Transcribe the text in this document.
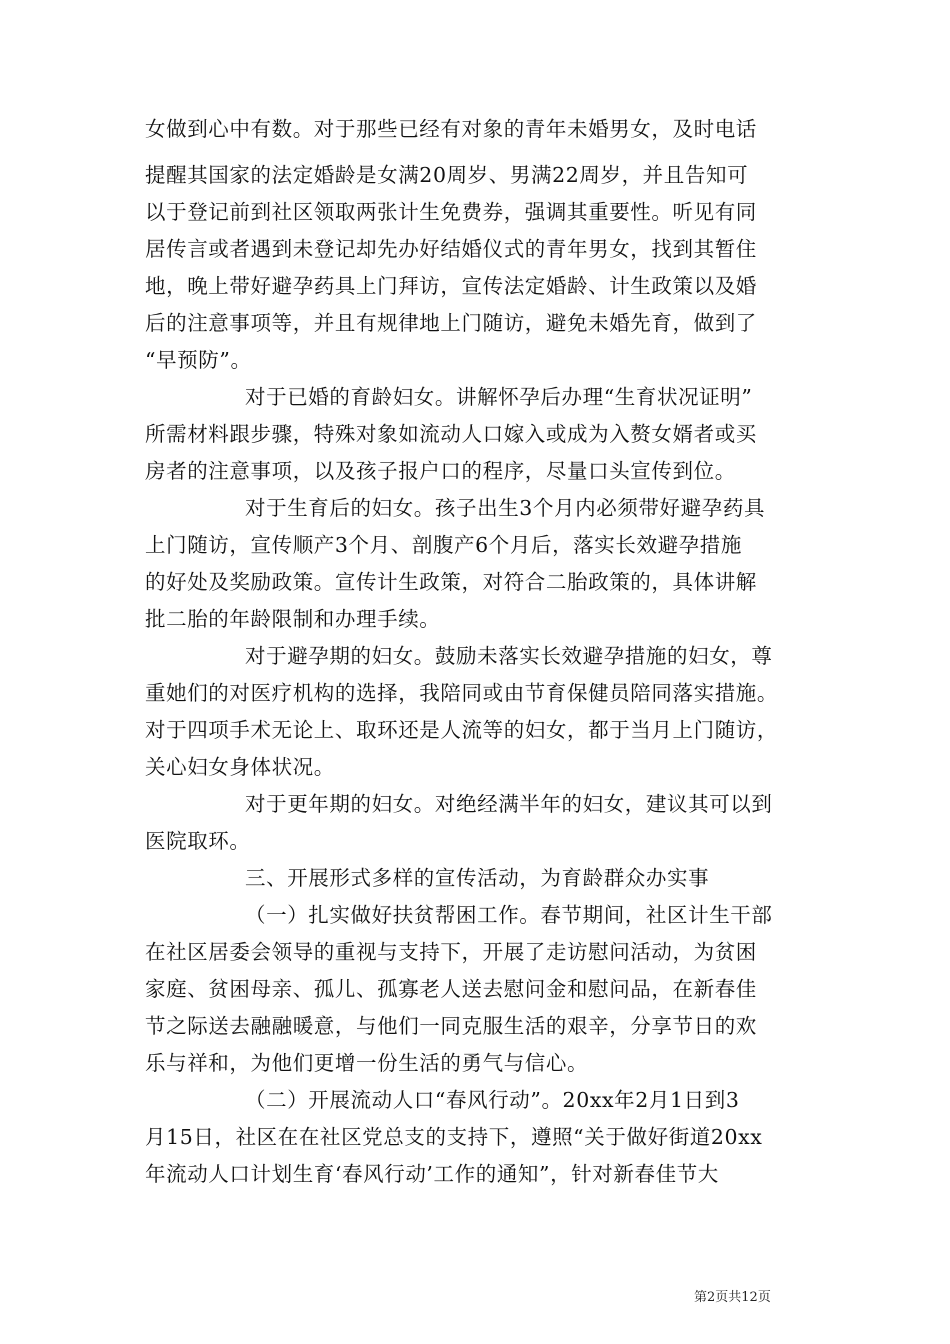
女做到心中有数。对于那些已经有对象的青年未婚男女，及时电话
提醒其国家的法定婚龄是女满20周岁、男满22周岁，并且告知可
以于登记前到社区领取两张计生免费券，强调其重要性。听见有同
居传言或者遇到未登记却先办好结婚仪式的青年男女，找到其暂住
地，晚上带好避孕药具上门拜访，宣传法定婚龄、计生政策以及婚
后的注意事项等，并且有规律地上门随访，避免未婚先育，做到了
“早预防”。
对于已婚的育龄妇女。讲解怀孕后办理“生育状况证明”
所需材料跟步骤，特殊对象如流动人口嫁入或成为入赘女婿者或买
房者的注意事项，以及孩子报户口的程序，尽量口头宣传到位。
对于生育后的妇女。孩子出生3个月内必须带好避孕药具
上门随访，宣传顺产3个月、剖腹产6个月后，落实长效避孕措施
的好处及奖励政策。宣传计生政策，对符合二胎政策的，具体讲解
批二胎的年龄限制和办理手续。
对于避孕期的妇女。鼓励未落实长效避孕措施的妇女，尊
重她们的对医疗机构的选择，我陪同或由节育保健员陪同落实措施。
对于四项手术无论上、取环还是人流等的妇女，都于当月上门随访，
关心妇女身体状况。
对于更年期的妇女。对绝经满半年的妇女，建议其可以到
医院取环。
三、开展形式多样的宣传活动，为育龄群众办实事
（一）扎实做好扶贫帮困工作。春节期间，社区计生干部
在社区居委会领导的重视与支持下，开展了走访慰问活动，为贫困
家庭、贫困母亲、孤儿、孤寡老人送去慰问金和慰问品，在新春佳
节之际送去融融暖意，与他们一同克服生活的艰辛，分享节日的欢
乐与祥和，为他们更增一份生活的勇气与信心。
（二）开展流动人口“春风行动”。20xx年2月1日到3
月15日，社区在在社区党总支的支持下，遵照“关于做好街道20xx
年流动人口计划生育‘春风行动’工作的通知”，针对新春佳节大
第2页共12页
